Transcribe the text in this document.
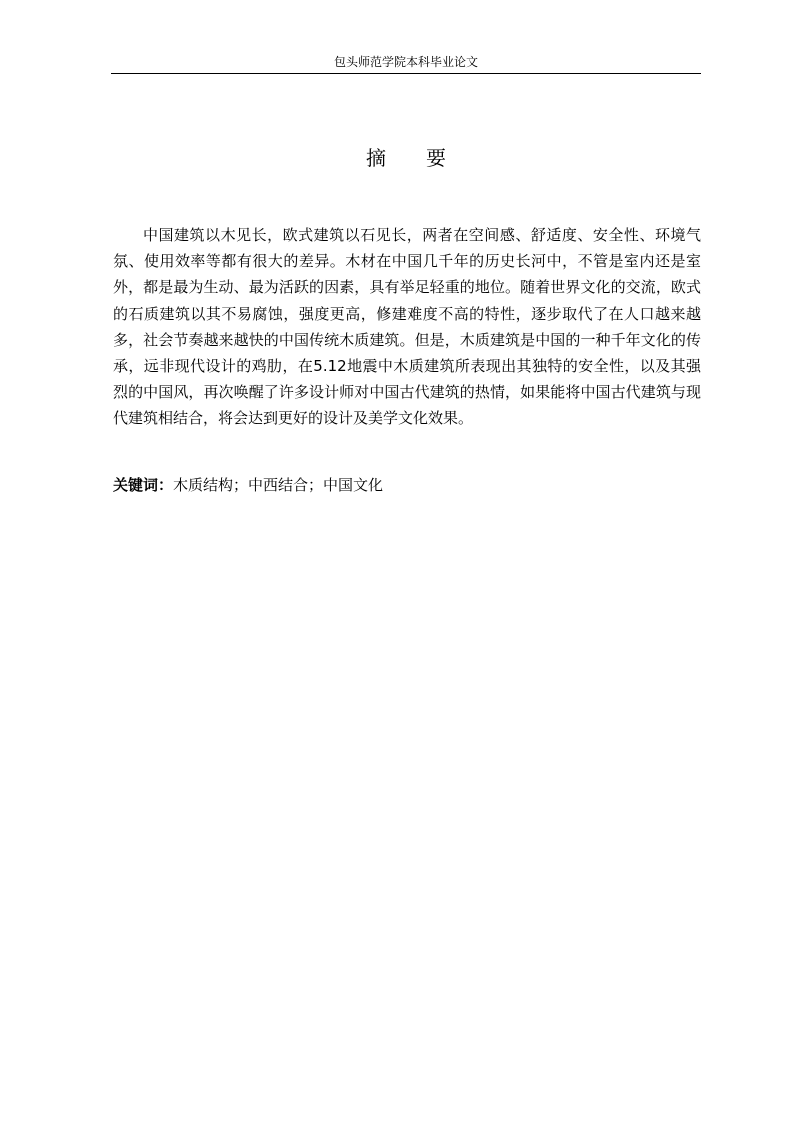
包头师范学院本科毕业论文
摘 要

中国建筑以木见长，欧式建筑以石见长，两者在空间感、舒适度、安全性、环境气氛、使用效率等都有很大的差异。木材在中国几千年的历史长河中，不管是室内还是室外，都是最为生动、最为活跃的因素，具有举足轻重的地位。随着世界文化的交流，欧式的石质建筑以其不易腐蚀，强度更高，修建难度不高的特性，逐步取代了在人口越来越多，社会节奏越来越快的中国传统木质建筑。但是，木质建筑是中国的一种千年文化的传承，远非现代设计的鸡肋，在5.12地震中木质建筑所表现出其独特的安全性，以及其强烈的中国风，再次唤醒了许多设计师对中国古代建筑的热情，如果能将中国古代建筑与现代建筑相结合，将会达到更好的设计及美学文化效果。

关键词：木质结构；中西结合；中国文化
